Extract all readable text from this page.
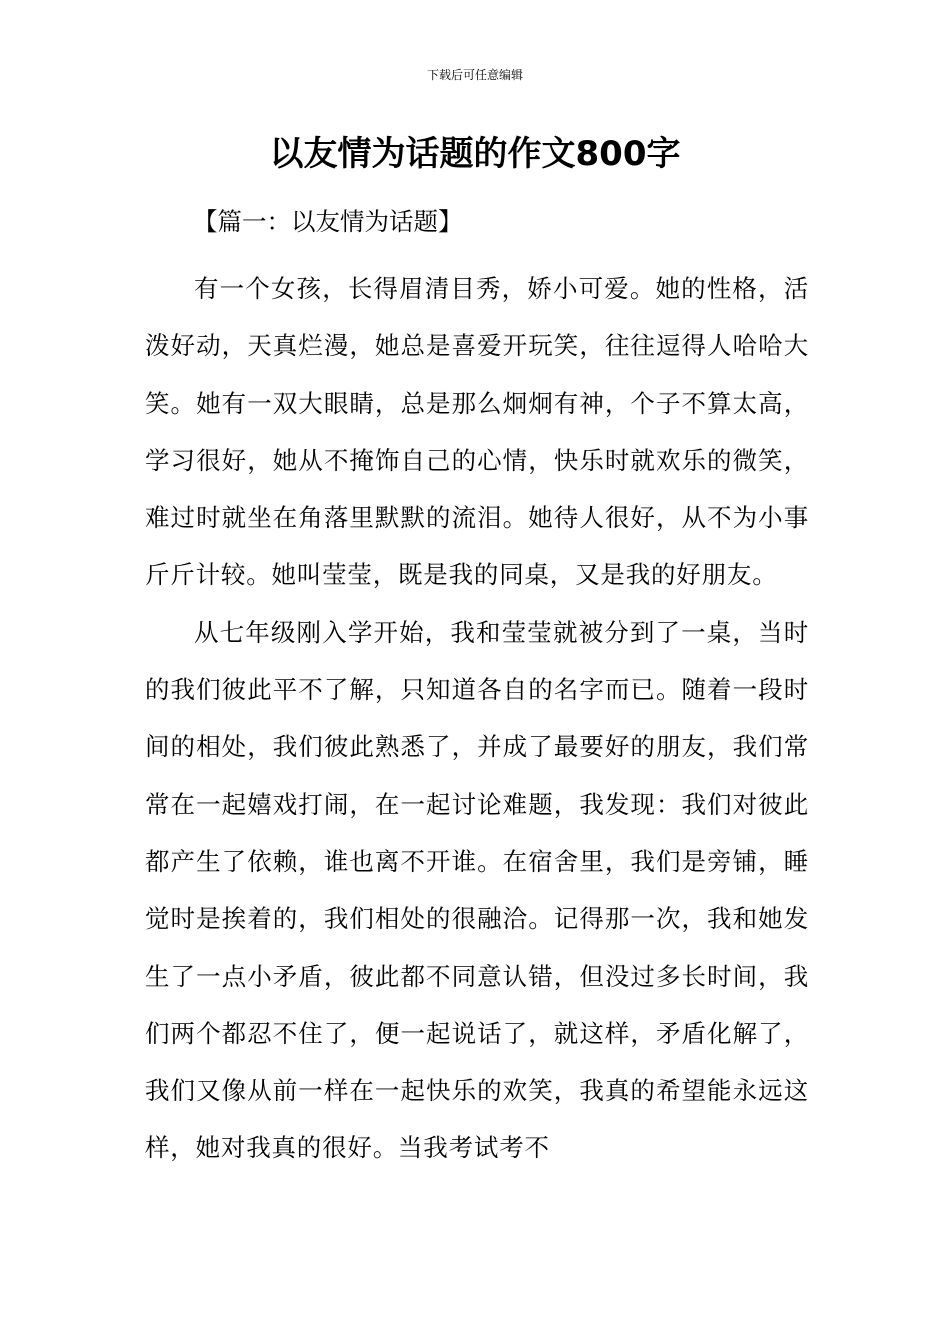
下载后可任意编辑
以友情为话题的作文800字
【篇一：以友情为话题】

有一个女孩，长得眉清目秀，娇小可爱。她的性格，活泼好动，天真烂漫，她总是喜爱开玩笑，往往逗得人哈哈大笑。她有一双大眼睛，总是那么炯炯有神，个子不算太高，学习很好，她从不掩饰自己的心情，快乐时就欢乐的微笑，难过时就坐在角落里默默的流泪。她待人很好，从不为小事斤斤计较。她叫莹莹，既是我的同桌，又是我的好朋友。

从七年级刚入学开始，我和莹莹就被分到了一桌，当时的我们彼此平不了解，只知道各自的名字而已。随着一段时间的相处，我们彼此熟悉了，并成了最要好的朋友，我们常常在一起嬉戏打闹，在一起讨论难题，我发现：我们对彼此都产生了依赖，谁也离不开谁。在宿舍里，我们是旁铺，睡觉时是挨着的，我们相处的很融洽。记得那一次，我和她发生了一点小矛盾，彼此都不同意认错，但没过多长时间，我们两个都忍不住了，便一起说话了，就这样，矛盾化解了，我们又像从前一样在一起快乐的欢笑，我真的希望能永远这样，她对我真的很好。当我考试考不
